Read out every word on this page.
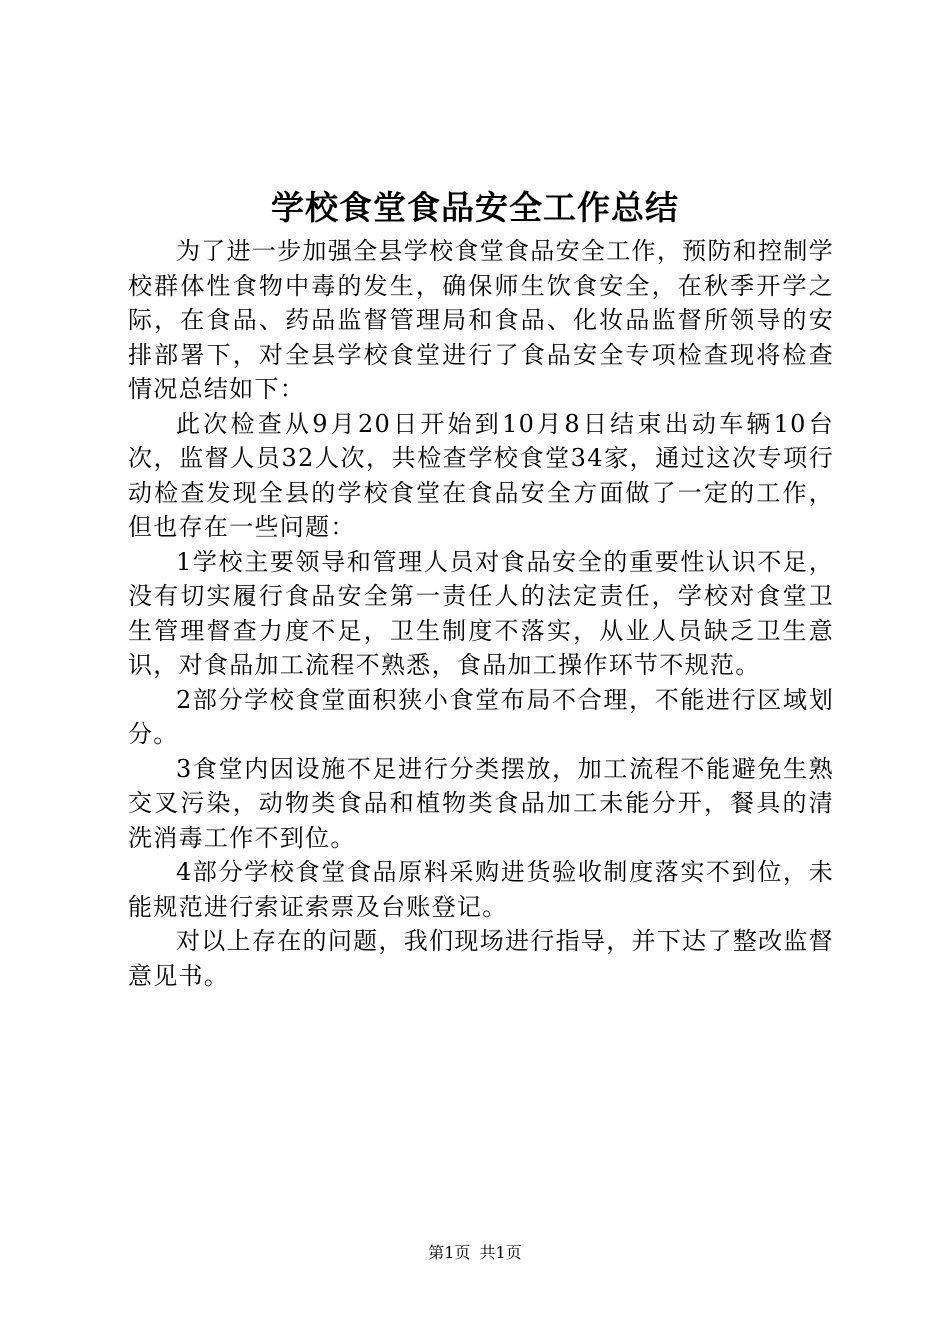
学校食堂食品安全工作总结

为了进一步加强全县学校食堂食品安全工作，预防和控制学校群体性食物中毒的发生，确保师生饮食安全，在秋季开学之际，在食品、药品监督管理局和食品、化妆品监督所领导的安排部署下，对全县学校食堂进行了食品安全专项检查现将检查情况总结如下：

此次检查从9月20日开始到10月8日结束出动车辆10台次，监督人员32人次，共检查学校食堂34家，通过这次专项行动检查发现全县的学校食堂在食品安全方面做了一定的工作，但也存在一些问题：

1学校主要领导和管理人员对食品安全的重要性认识不足，没有切实履行食品安全第一责任人的法定责任，学校对食堂卫生管理督查力度不足，卫生制度不落实，从业人员缺乏卫生意识，对食品加工流程不熟悉，食品加工操作环节不规范。

2部分学校食堂面积狭小食堂布局不合理，不能进行区域划分。

3食堂内因设施不足进行分类摆放，加工流程不能避免生熟交叉污染，动物类食品和植物类食品加工未能分开，餐具的清洗消毒工作不到位。

4部分学校食堂食品原料采购进货验收制度落实不到位，未能规范进行索证索票及台账登记。

对以上存在的问题，我们现场进行指导，并下达了整改监督意见书。

第1页 共1页
